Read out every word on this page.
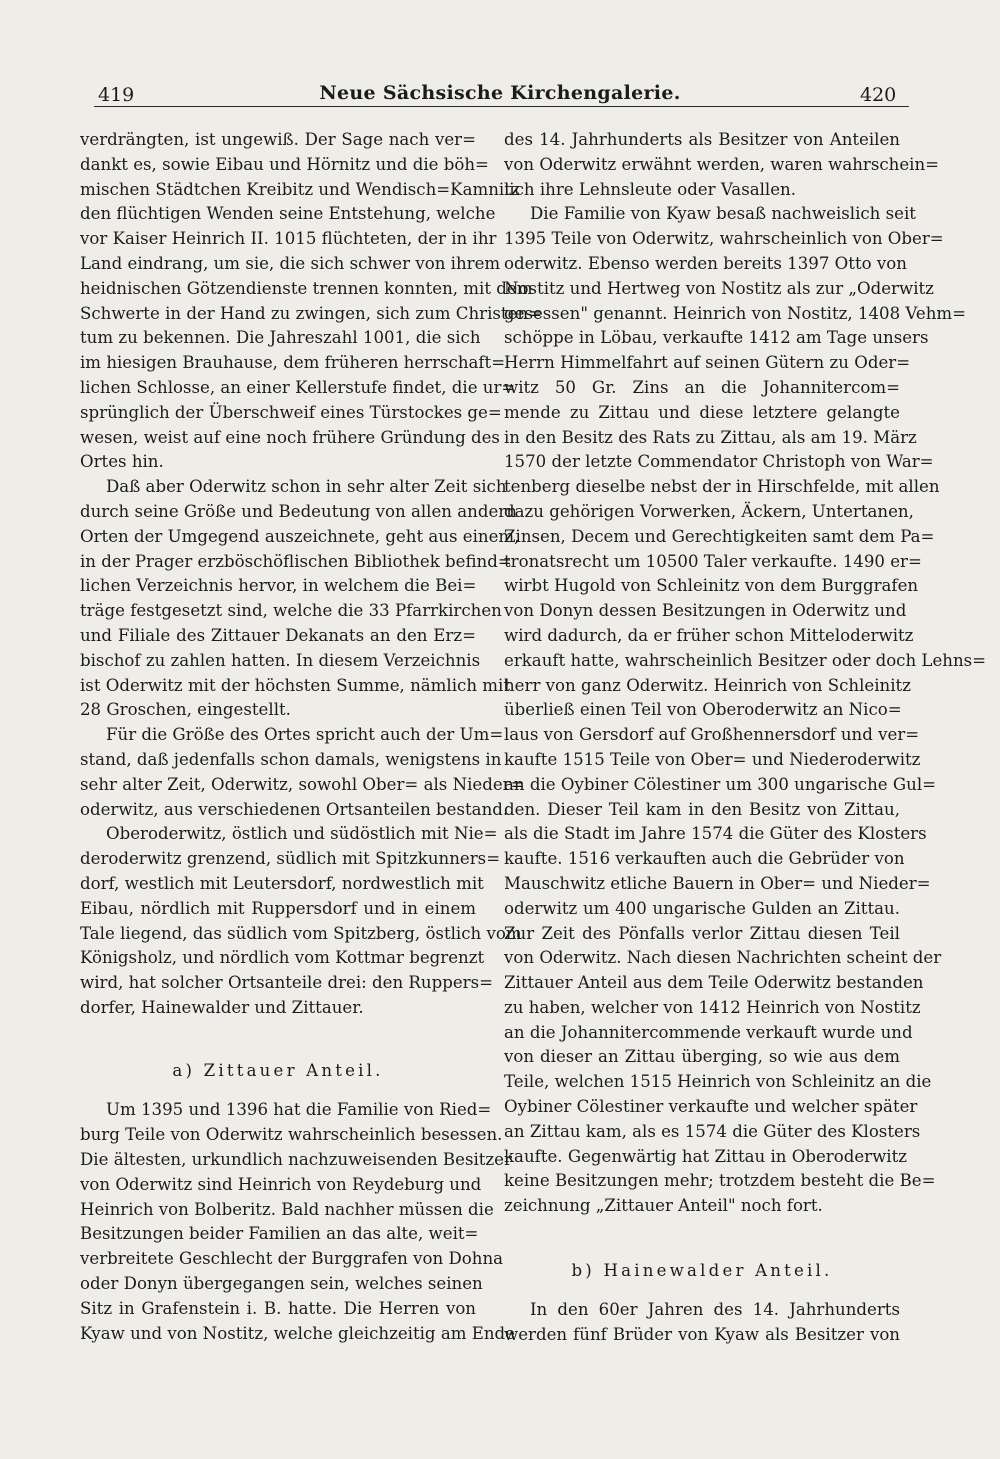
419	Neue Sächsische Kirchengalerie.	420
verdrängten, ist ungewiß. Der Sage nach ver=
dankt es, sowie Eibau und Hörnitz und die böh=
mischen Städtchen Kreibitz und Wendisch=Kamnitz
den flüchtigen Wenden seine Entstehung, welche
vor Kaiser Heinrich II. 1015 flüchteten, der in ihr
Land eindrang, um sie, die sich schwer von ihrem
heidnischen Götzendienste trennen konnten, mit dem
Schwerte in der Hand zu zwingen, sich zum Christen=
tum zu bekennen. Die Jahreszahl 1001, die sich
im hiesigen Brauhause, dem früheren herrschaft=
lichen Schlosse, an einer Kellerstufe findet, die ur=
sprünglich der Überschweif eines Türstockes ge=
wesen, weist auf eine noch frühere Gründung des
Ortes hin.
Daß aber Oderwitz schon in sehr alter Zeit sich
durch seine Größe und Bedeutung von allen andern
Orten der Umgegend auszeichnete, geht aus einem,
in der Prager erzböschöflischen Bibliothek befind=
lichen Verzeichnis hervor, in welchem die Bei=
träge festgesetzt sind, welche die 33 Pfarrkirchen
und Filiale des Zittauer Dekanats an den Erz=
bischof zu zahlen hatten. In diesem Verzeichnis
ist Oderwitz mit der höchsten Summe, nämlich mit
28 Groschen, eingestellt.
Für die Größe des Ortes spricht auch der Um=
stand, daß jedenfalls schon damals, wenigstens in
sehr alter Zeit, Oderwitz, sowohl Ober= als Nieder=
oderwitz, aus verschiedenen Ortsanteilen bestand.
Oberoderwitz, östlich und südöstlich mit Nie=
deroderwitz grenzend, südlich mit Spitzkunners=
dorf, westlich mit Leutersdorf, nordwestlich mit
Eibau, nördlich mit Ruppersdorf und in einem
Tale liegend, das südlich vom Spitzberg, östlich vom
Königsholz, und nördlich vom Kottmar begrenzt
wird, hat solcher Ortsanteile drei: den Ruppers=
dorfer, Hainewalder und Zittauer.
a) Zittauer Anteil.
Um 1395 und 1396 hat die Familie von Ried=
burg Teile von Oderwitz wahrscheinlich besessen.
Die ältesten, urkundlich nachzuweisenden Besitzer
von Oderwitz sind Heinrich von Reydeburg und
Heinrich von Bolberitz. Bald nachher müssen die
Besitzungen beider Familien an das alte, weit=
verbreitete Geschlecht der Burggrafen von Dohna
oder Donyn übergegangen sein, welches seinen
Sitz in Grafenstein i. B. hatte. Die Herren von
Kyaw und von Nostitz, welche gleichzeitig am Ende
des 14. Jahrhunderts als Besitzer von Anteilen
von Oderwitz erwähnt werden, waren wahrschein=
lich ihre Lehnsleute oder Vasallen.
Die Familie von Kyaw besaß nachweislich seit
1395 Teile von Oderwitz, wahrscheinlich von Ober=
oderwitz. Ebenso werden bereits 1397 Otto von
Nostitz und Hertweg von Nostitz als zur „Oderwitz
gesessen" genannt. Heinrich von Nostitz, 1408 Vehm=
schöppe in Löbau, verkaufte 1412 am Tage unsers
Herrn Himmelfahrt auf seinen Gütern zu Oder=
witz 50 Gr. Zins an die Johannitercom=
mende zu Zittau und diese letztere gelangte
in den Besitz des Rats zu Zittau, als am 19. März
1570 der letzte Commendator Christoph von War=
tenberg dieselbe nebst der in Hirschfelde, mit allen
dazu gehörigen Vorwerken, Äckern, Untertanen,
Zinsen, Decem und Gerechtigkeiten samt dem Pa=
tronatsrecht um 10500 Taler verkaufte. 1490 er=
wirbt Hugold von Schleinitz von dem Burggrafen
von Donyn dessen Besitzungen in Oderwitz und
wird dadurch, da er früher schon Mitteloderwitz
erkauft hatte, wahrscheinlich Besitzer oder doch Lehns=
herr von ganz Oderwitz. Heinrich von Schleinitz
überließ einen Teil von Oberoderwitz an Nico=
laus von Gersdorf auf Großhennersdorf und ver=
kaufte 1515 Teile von Ober= und Niederoderwitz
an die Oybiner Cölestiner um 300 ungarische Gul=
den. Dieser Teil kam in den Besitz von Zittau,
als die Stadt im Jahre 1574 die Güter des Klosters
kaufte. 1516 verkauften auch die Gebrüder von
Mauschwitz etliche Bauern in Ober= und Nieder=
oderwitz um 400 ungarische Gulden an Zittau.
Zur Zeit des Pönfalls verlor Zittau diesen Teil
von Oderwitz. Nach diesen Nachrichten scheint der
Zittauer Anteil aus dem Teile Oderwitz bestanden
zu haben, welcher von 1412 Heinrich von Nostitz
an die Johannitercommende verkauft wurde und
von dieser an Zittau überging, so wie aus dem
Teile, welchen 1515 Heinrich von Schleinitz an die
Oybiner Cölestiner verkaufte und welcher später
an Zittau kam, als es 1574 die Güter des Klosters
kaufte. Gegenwärtig hat Zittau in Oberoderwitz
keine Besitzungen mehr; trotzdem besteht die Be=
zeichnung „Zittauer Anteil" noch fort.
b) Hainewalder Anteil.
In den 60er Jahren des 14. Jahrhunderts
werden fünf Brüder von Kyaw als Besitzer von
